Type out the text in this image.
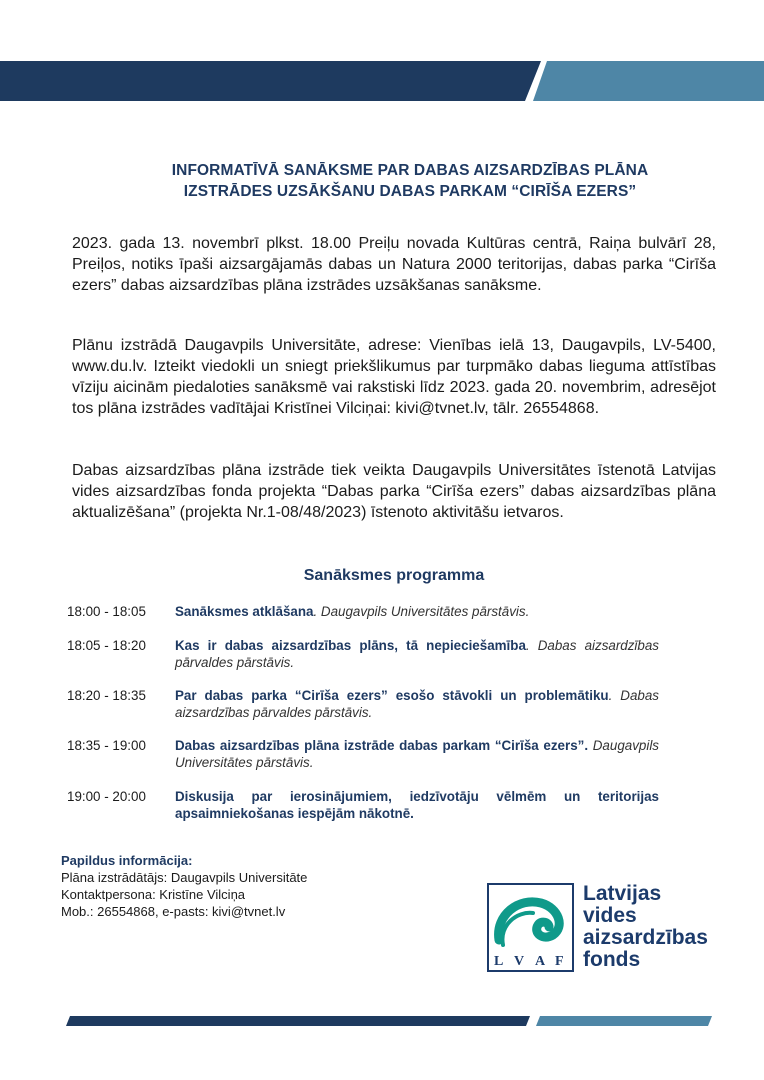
INFORMATĪVĀ SANĀKSME PAR DABAS AIZSARDZĪBAS PLĀNA
IZSTRĀDES UZSĀKŠANU DABAS PARKAM “CIRĪŠA EZERS”
2023. gada 13. novembrī plkst. 18.00 Preiļu novada Kultūras centrā, Raiņa bulvārī 28, Preiļos, notiks īpaši aizsargājamās dabas un Natura 2000 teritorijas, dabas parka “Cirīša ezers” dabas aizsardzības plāna izstrādes uzsākšanas sanāksme.
Plānu izstrādā Daugavpils Universitāte, adrese: Vienības ielā 13, Daugavpils, LV-5400, www.du.lv. Izteikt viedokli un sniegt priekšlikumus par turpmāko dabas lieguma attīstības vīziju aicinām piedaloties sanāksmē vai rakstiski līdz 2023. gada 20. novembrim, adresējot tos plāna izstrādes vadītājai Kristīnei Vilciņai: kivi@tvnet.lv, tālr. 26554868.
Dabas aizsardzības plāna izstrāde tiek veikta Daugavpils Universitātes īstenotā Latvijas vides aizsardzības fonda projekta “Dabas parka “Cirīša ezers” dabas aizsardzības plāna aktualizēšana” (projekta Nr.1-08/48/2023) īstenoto aktivitāšu ietvaros.
Sanāksmes programma
18:00 - 18:05	Sanāksmes atklāšana. Daugavpils Universitātes pārstāvis.
18:05 - 18:20	Kas ir dabas aizsardzības plāns, tā nepieciešamība. Dabas aizsardzības pārvaldes pārstāvis.
18:20 - 18:35	Par dabas parka “Cirīša ezers” esošo stāvokli un problemātiku. Dabas aizsardzības pārvaldes pārstāvis.
18:35 - 19:00	Dabas aizsardzības plāna izstrāde dabas parkam “Cirīša ezers”. Daugavpils Universitātes pārstāvis.
19:00 - 20:00	Diskusija par ierosinājumiem, iedzīvotāju vēlmēm un teritorijas apsaimniekošanas iespējām nākotnē.
Papildus informācija:
Plāna izstrādātājs: Daugavpils Universitāte
Kontaktpersona: Kristīne Vilciņa
Mob.: 26554868, e-pasts: kivi@tvnet.lv
L V A F
Latvijas
vides
aizsardzības
fonds
